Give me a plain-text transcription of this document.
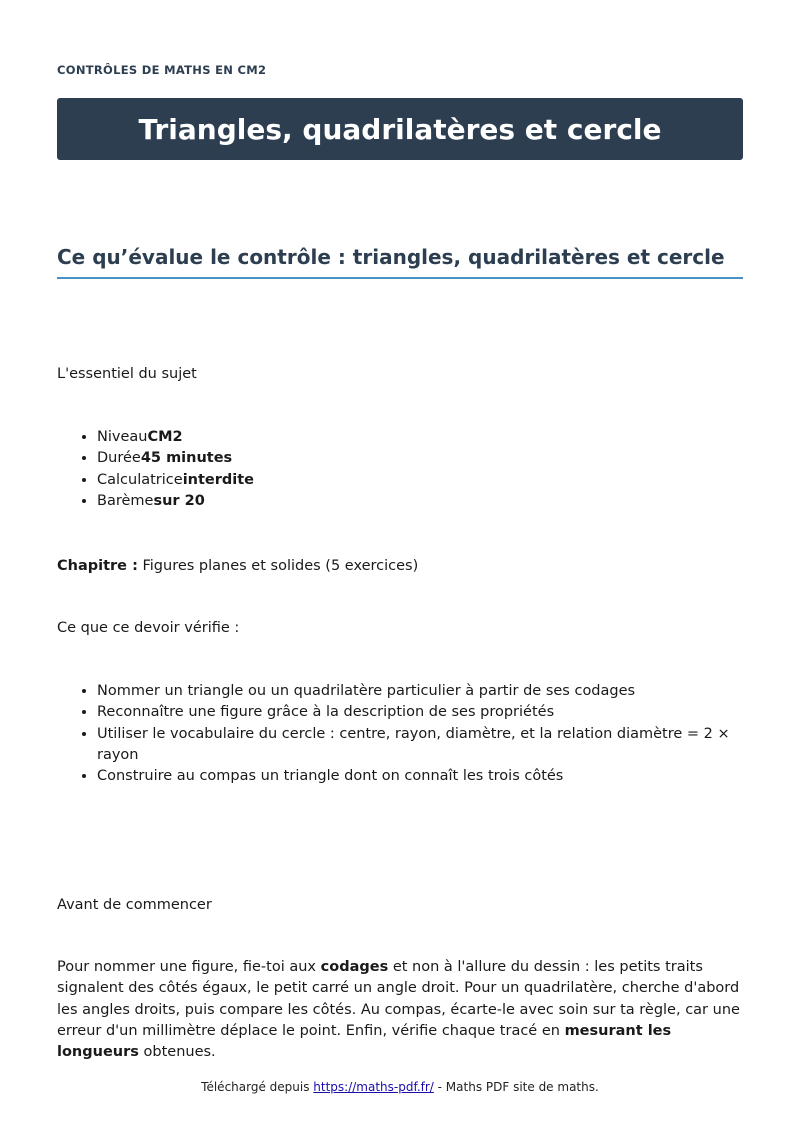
CONTRÔLES DE MATHS EN CM2
Triangles, quadrilatères et cercle
Ce qu’évalue le contrôle : triangles, quadrilatères et cercle

L'essentiel du sujet

• NiveauCM2
• Durée45 minutes
• Calculatriceinterdite
• Barèmesur 20

Chapitre : Figures planes et solides (5 exercices)

Ce que ce devoir vérifie :

• Nommer un triangle ou un quadrilatère particulier à partir de ses codages
• Reconnaître une figure grâce à la description de ses propriétés
• Utiliser le vocabulaire du cercle : centre, rayon, diamètre, et la relation diamètre = 2 × rayon
• Construire au compas un triangle dont on connaît les trois côtés

Avant de commencer

Pour nommer une figure, fie-toi aux codages et non à l'allure du dessin : les petits traits signalent des côtés égaux, le petit carré un angle droit. Pour un quadrilatère, cherche d'abord les angles droits, puis compare les côtés. Au compas, écarte-le avec soin sur ta règle, car une erreur d'un millimètre déplace le point. Enfin, vérifie chaque tracé en mesurant les longueurs obtenues.

Téléchargé depuis https://maths-pdf.fr/ - Maths PDF site de maths.
